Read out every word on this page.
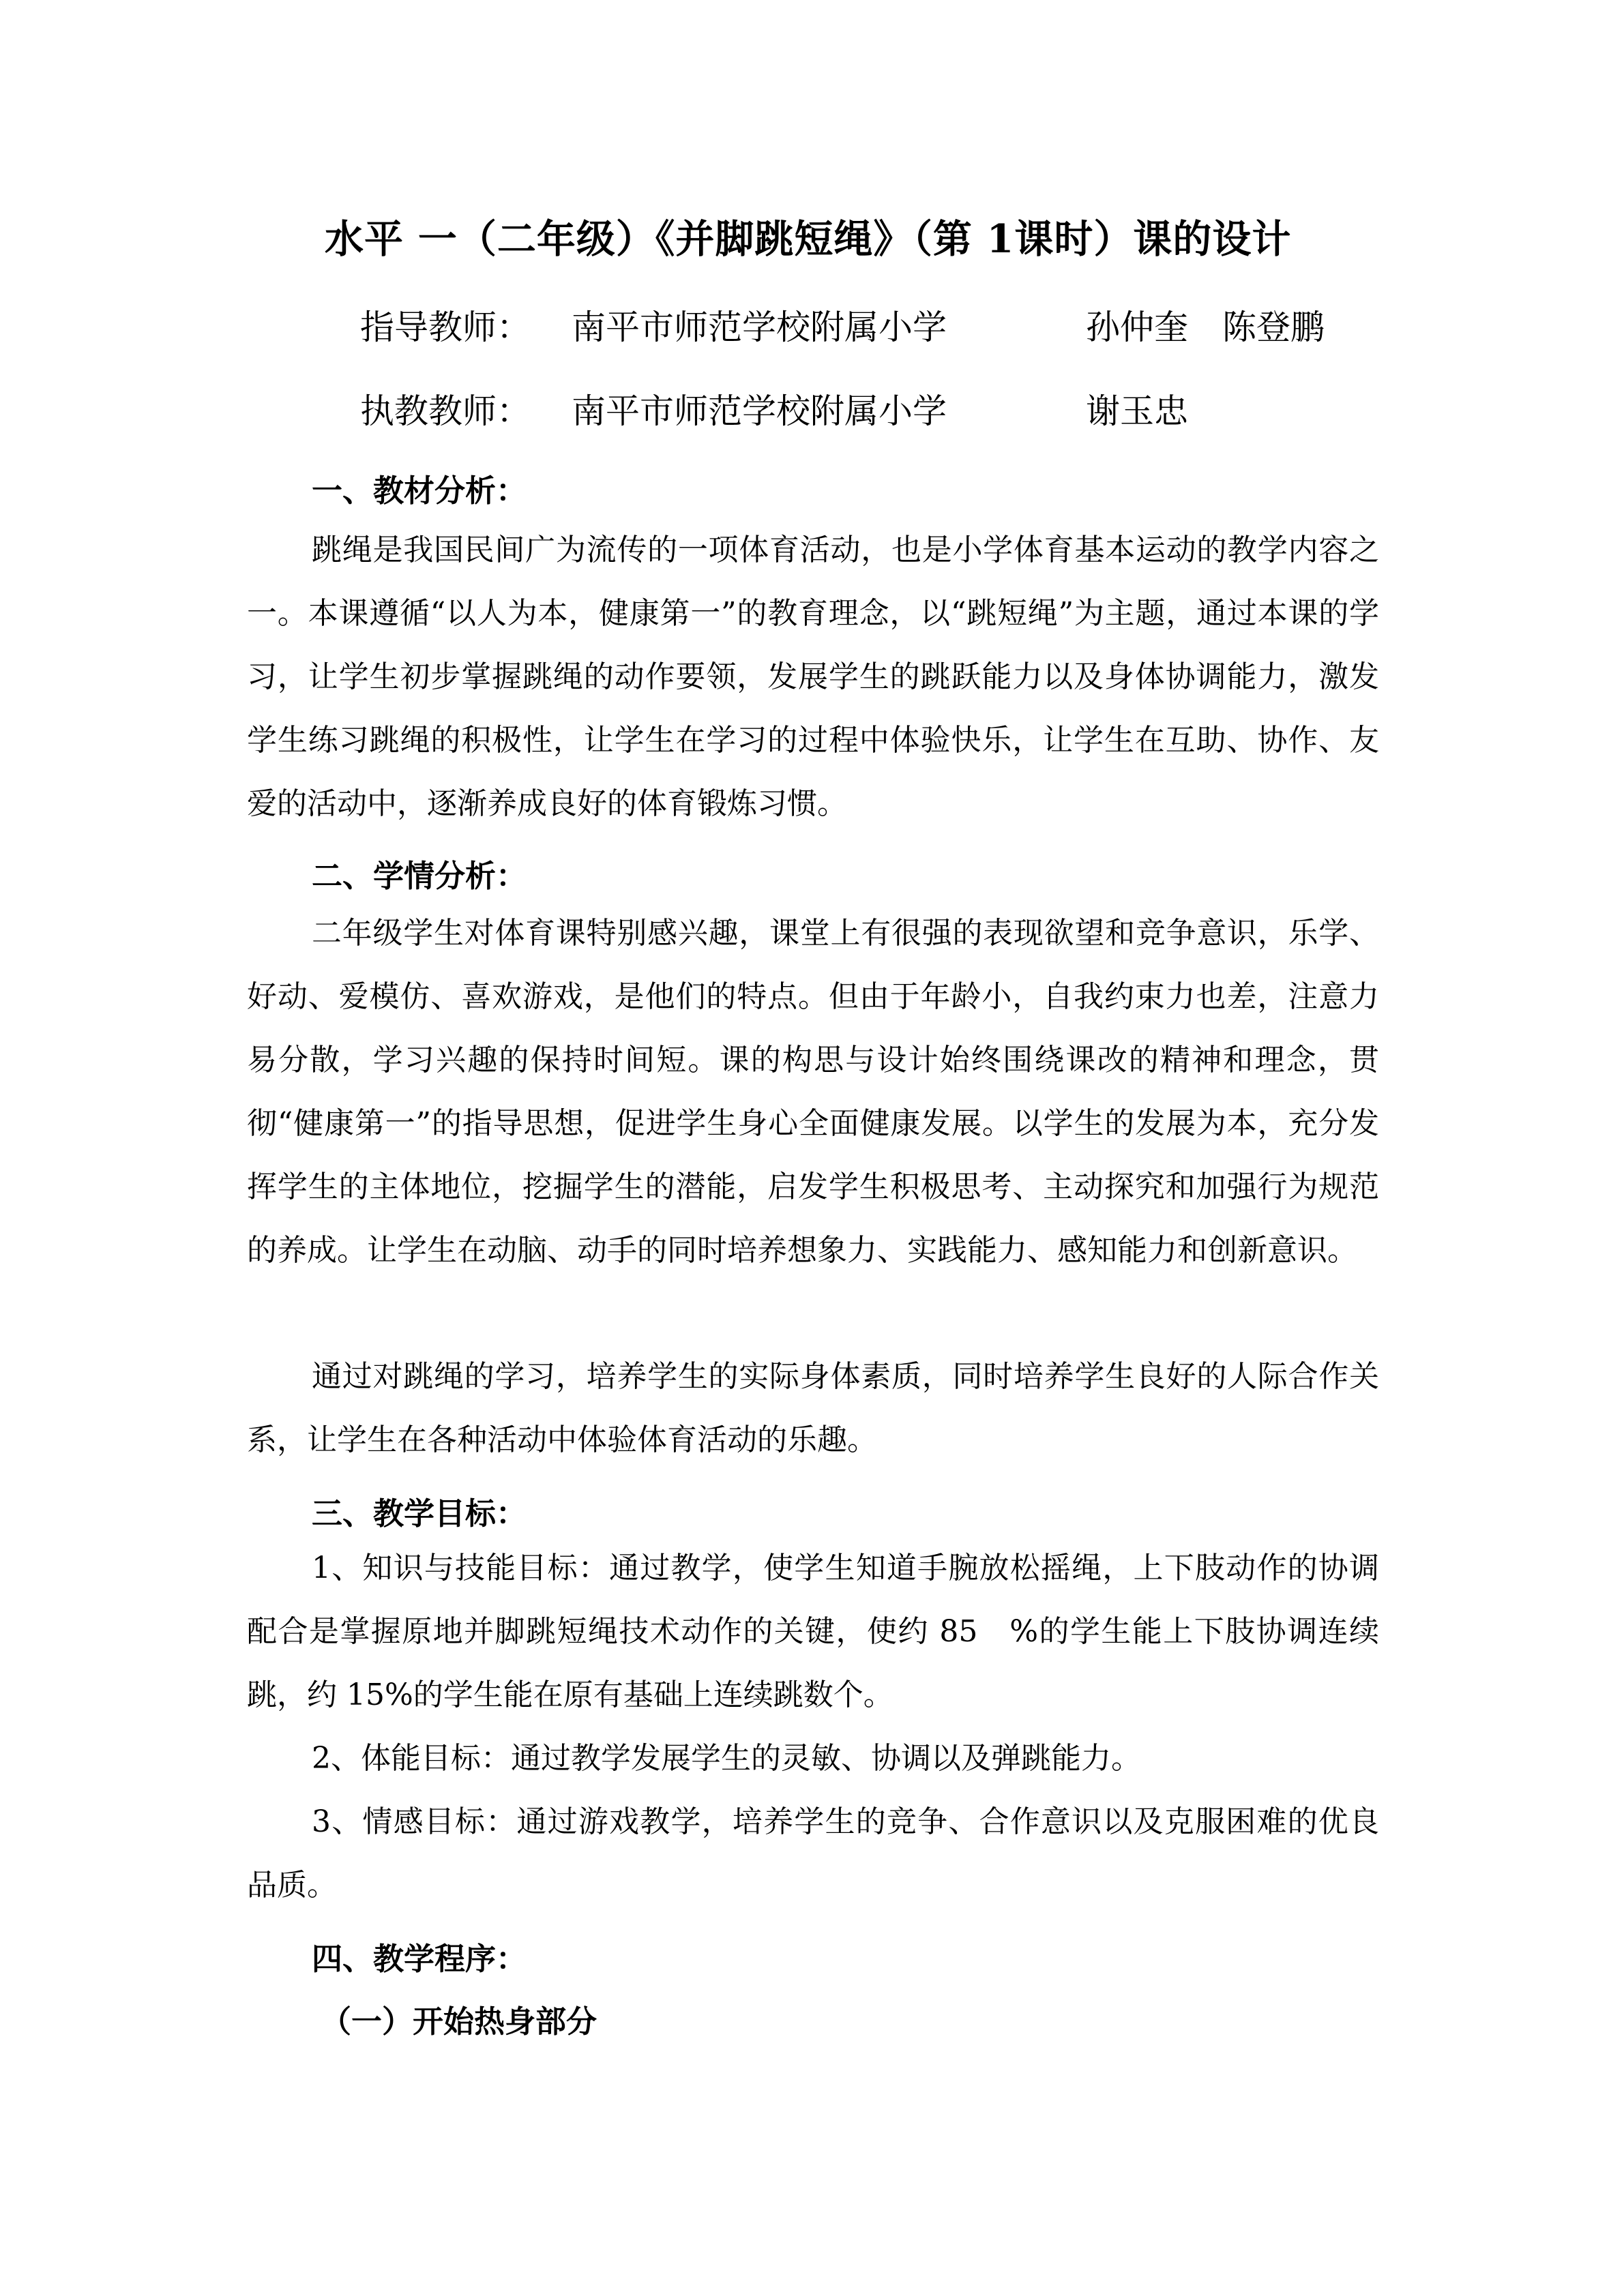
水平 一（二年级）《并脚跳短绳》（第 1课时）课的设计
指导教师： 南平市师范学校附属小学	孙仲奎　陈登鹏
执教教师： 南平市师范学校附属小学	谢玉忠
一、教材分析：
跳绳是我国民间广为流传的一项体育活动，也是小学体育基本运动的教学内容之一。本课遵循“以人为本，健康第一”的教育理念，以“跳短绳”为主题，通过本课的学习，让学生初步掌握跳绳的动作要领，发展学生的跳跃能力以及身体协调能力，激发学生练习跳绳的积极性，让学生在学习的过程中体验快乐，让学生在互助、协作、友爱的活动中，逐渐养成良好的体育锻炼习惯。
二、学情分析：
二年级学生对体育课特别感兴趣，课堂上有很强的表现欲望和竞争意识，乐学、好动、爱模仿、喜欢游戏，是他们的特点。但由于年龄小，自我约束力也差，注意力易分散，学习兴趣的保持时间短。课的构思与设计始终围绕课改的精神和理念，贯彻“健康第一”的指导思想，促进学生身心全面健康发展。以学生的发展为本，充分发挥学生的主体地位，挖掘学生的潜能，启发学生积极思考、主动探究和加强行为规范的养成。让学生在动脑、动手的同时培养想象力、实践能力、感知能力和创新意识。
通过对跳绳的学习，培养学生的实际身体素质，同时培养学生良好的人际合作关系，让学生在各种活动中体验体育活动的乐趣。
三、教学目标：
1、知识与技能目标：通过教学，使学生知道手腕放松摇绳，上下肢动作的协调配合是掌握原地并脚跳短绳技术动作的关键，使约 85　%的学生能上下肢协调连续跳，约 15%的学生能在原有基础上连续跳数个。
2、体能目标：通过教学发展学生的灵敏、协调以及弹跳能力。
3、情感目标：通过游戏教学，培养学生的竞争、合作意识以及克服困难的优良品质。
四、教学程序：
（一）开始热身部分
